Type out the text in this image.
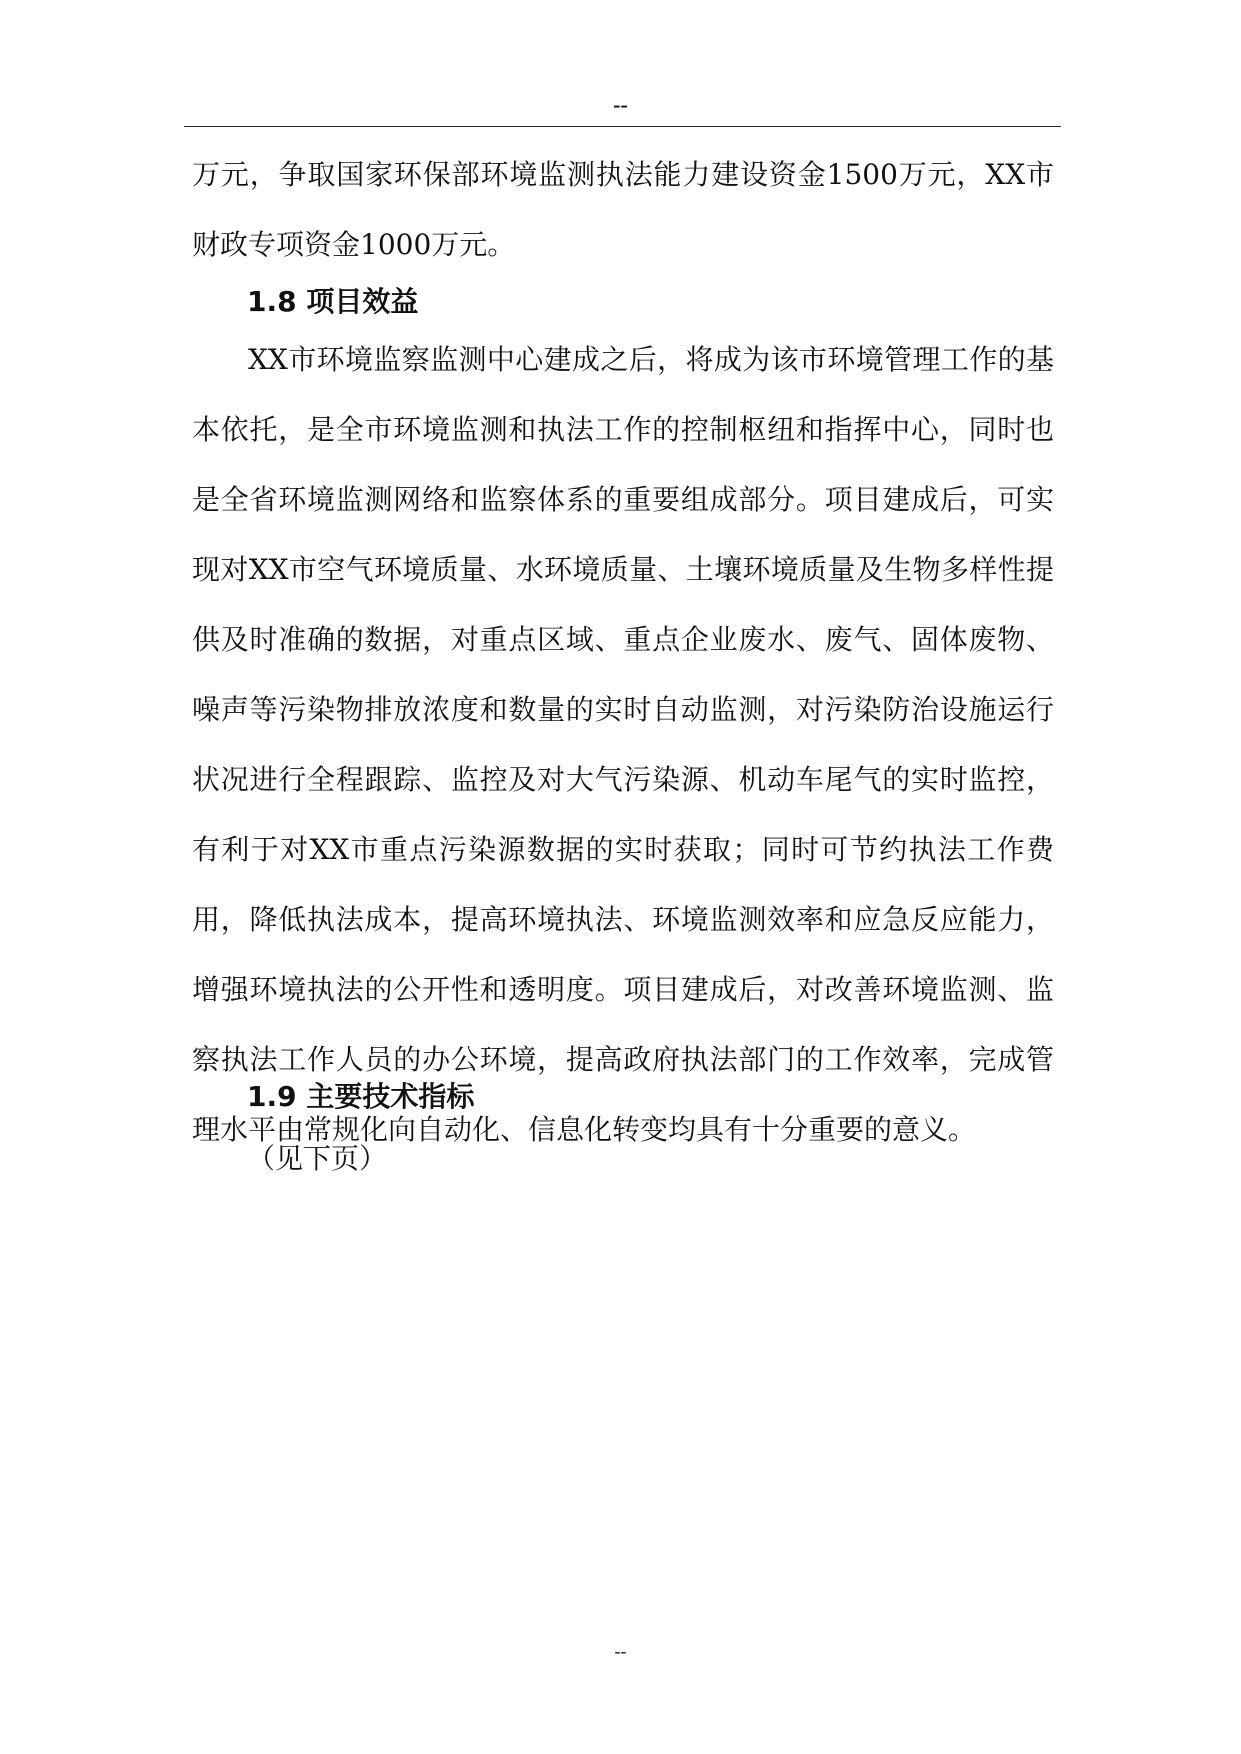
--

万元，争取国家环保部环境监测执法能力建设资金1500万元，XX市财政专项资金1000万元。

1.8 项目效益

XX市环境监察监测中心建成之后，将成为该市环境管理工作的基本依托，是全市环境监测和执法工作的控制枢纽和指挥中心，同时也是全省环境监测网络和监察体系的重要组成部分。项目建成后，可实现对XX市空气环境质量、水环境质量、土壤环境质量及生物多样性提供及时准确的数据，对重点区域、重点企业废水、废气、固体废物、噪声等污染物排放浓度和数量的实时自动监测，对污染防治设施运行状况进行全程跟踪、监控及对大气污染源、机动车尾气的实时监控，有利于对XX市重点污染源数据的实时获取；同时可节约执法工作费用，降低执法成本，提高环境执法、环境监测效率和应急反应能力，增强环境执法的公开性和透明度。项目建成后，对改善环境监测、监察执法工作人员的办公环境，提高政府执法部门的工作效率，完成管理水平由常规化向自动化、信息化转变均具有十分重要的意义。

1.9 主要技术指标

（见下页）

--
